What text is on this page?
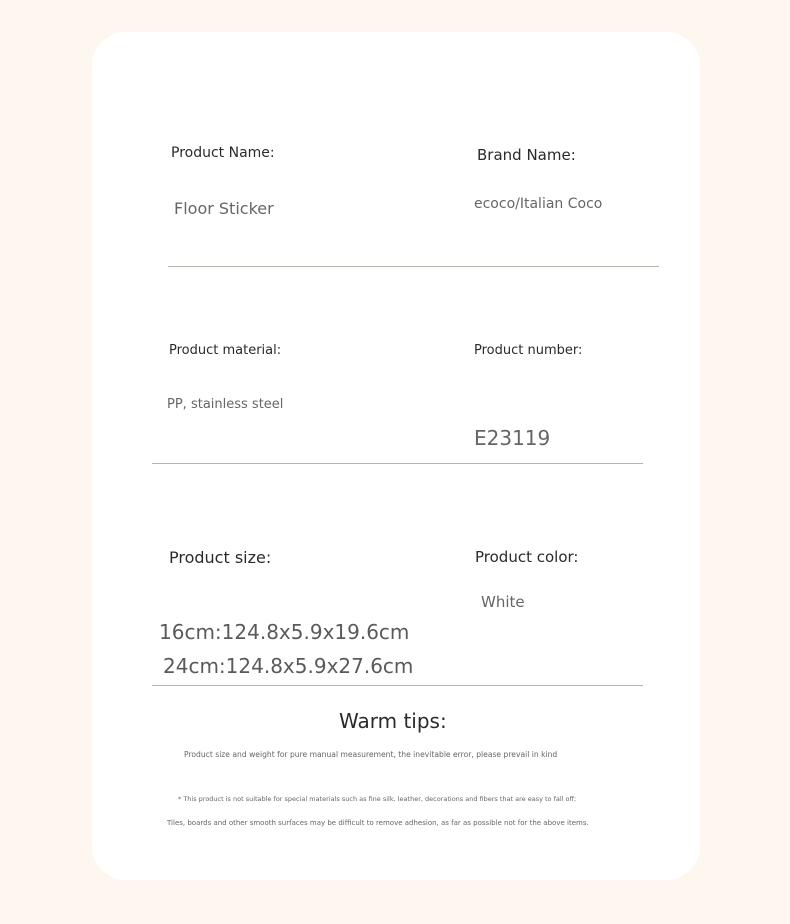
Product Name:
Floor Sticker
Brand Name:
ecoco/Italian Coco
Product material:
PP, stainless steel
Product number:
E23119
Product size:
16cm:124.8x5.9x19.6cm
24cm:124.8x5.9x27.6cm
Product color:
White
Warm tips:
Product size and weight for pure manual measurement, the inevitable error, please prevail in kind
* This product is not suitable for special materials such as fine silk, leather, decorations and fibers that are easy to fall off;
Tiles, boards and other smooth surfaces may be difficult to remove adhesion, as far as possible not for the above items.
